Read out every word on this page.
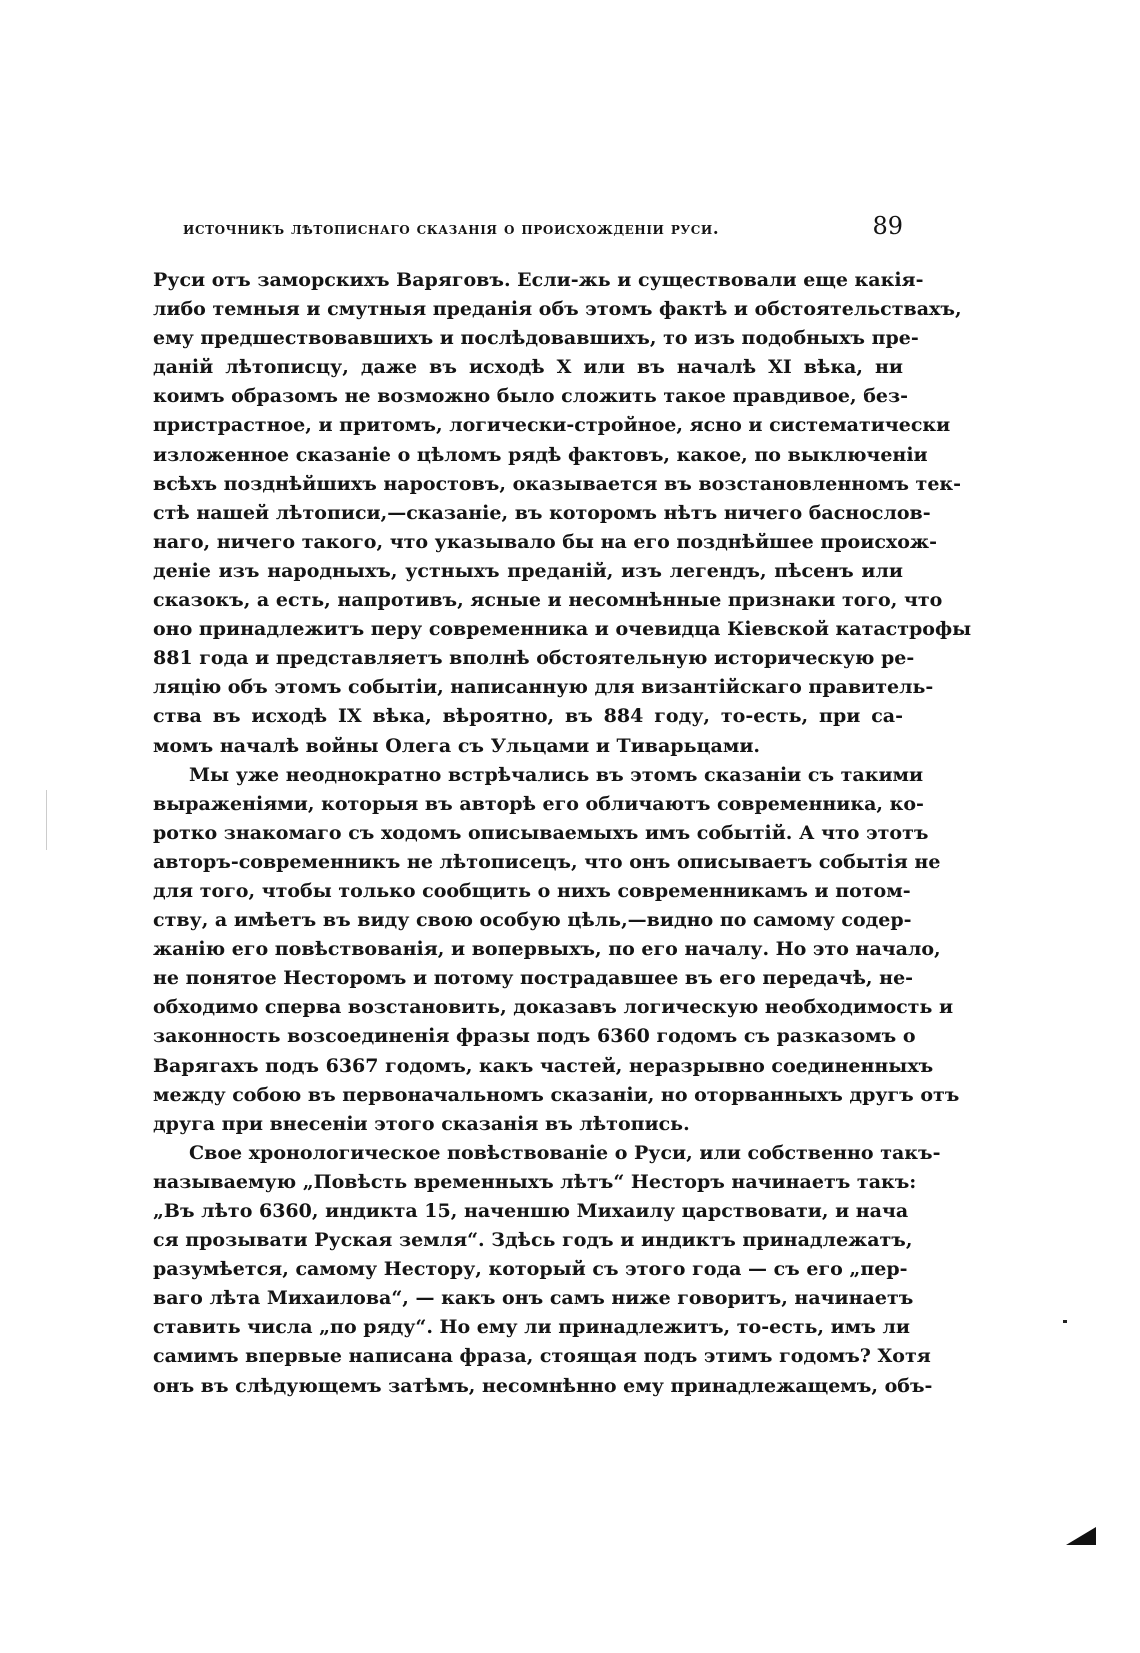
источникъ лѣтописнаго сказанія о происхожденіи руси.	89

Руси отъ заморскихъ Варяговъ. Если-жь и существовали еще какія-
либо темныя и смутныя преданія объ этомъ фактѣ и обстоятельствахъ,
ему предшествовавшихъ и послѣдовавшихъ, то изъ подобныхъ пре-
даній лѣтописцу, даже въ исходѣ X или въ началѣ XI вѣка, ни
коимъ образомъ не возможно было сложить такое правдивое, без-
пристрастное, и притомъ, логически-стройное, ясно и систематически
изложенное сказаніе о цѣломъ рядѣ фактовъ, какое, по выключеніи
всѣхъ позднѣйшихъ наростовъ, оказывается въ возстановленномъ тек-
стѣ нашей лѣтописи,—сказаніе, въ которомъ нѣтъ ничего баснослов-
наго, ничего такого, что указывало бы на его позднѣйшее происхож-
деніе изъ народныхъ, устныхъ преданій, изъ легендъ, пѣсенъ или
сказокъ, а есть, напротивъ, ясные и несомнѣнные признаки того, что
оно принадлежитъ перу современника и очевидца Кіевской катастрофы
881 года и представляетъ вполнѣ обстоятельную историческую ре-
ляцію объ этомъ событіи, написанную для византійскаго правитель-
ства въ исходѣ IX вѣка, вѣроятно, въ 884 году, то-есть, при са-
момъ началѣ войны Олега съ Ульцами и Тиварьцами.

Мы уже неоднократно встрѣчались въ этомъ сказаніи съ такими
выраженіями, которыя въ авторѣ его обличаютъ современника, ко-
ротко знакомаго съ ходомъ описываемыхъ имъ событій. А что этотъ
авторъ-современникъ не лѣтописецъ, что онъ описываетъ событія не
для того, чтобы только сообщить о нихъ современникамъ и потом-
ству, а имѣетъ въ виду свою особую цѣль,—видно по самому содер-
жанію его повѣствованія, и вопервыхъ, по его началу. Но это начало,
не понятое Несторомъ и потому пострадавшее въ его передачѣ, не-
обходимо сперва возстановить, доказавъ логическую необходимость и
законность возсоединенія фразы подъ 6360 годомъ съ разказомъ о
Варягахъ подъ 6367 годомъ, какъ частей, неразрывно соединенныхъ
между собою въ первоначальномъ сказаніи, но оторванныхъ другъ отъ
друга при внесеніи этого сказанія въ лѣтопись.

Свое хронологическое повѣствованіе о Руси, или собственно такъ-
называемую „Повѣсть временныхъ лѣтъ“ Несторъ начинаетъ такъ:
„Въ лѣто 6360, индикта 15, наченшю Михаилу царствовати, и нача
ся прозывати Руская земля“. Здѣсь годъ и индиктъ принадлежатъ,
разумѣется, самому Нестору, который съ этого года — съ его „пер-
ваго лѣта Михаилова“, — какъ онъ самъ ниже говоритъ, начинаетъ
ставить числа „по ряду“. Но ему ли принадлежитъ, то-есть, имъ ли
самимъ впервые написана фраза, стоящая подъ этимъ годомъ? Хотя
онъ въ слѣдующемъ затѣмъ, несомнѣнно ему принадлежащемъ, объ-
